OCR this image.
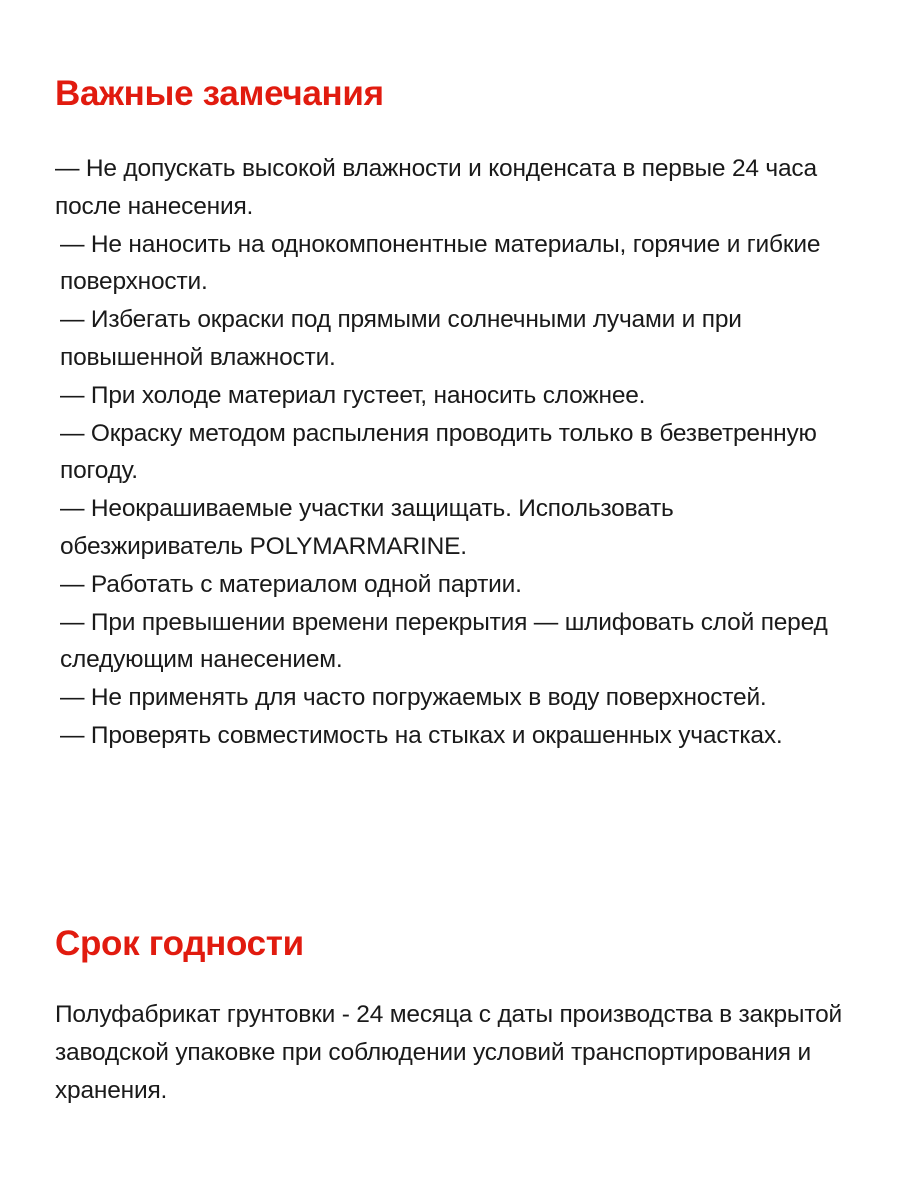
Важные замечания
— Не допускать высокой влажности и конденсата в первые 24 часа после нанесения.
— Не наносить на однокомпонентные материалы, горячие и гибкие поверхности.
— Избегать окраски под прямыми солнечными лучами и при повышенной влажности.
— При холоде материал густеет, наносить сложнее.
— Окраску методом распыления проводить только в безветренную погоду.
— Неокрашиваемые участки защищать. Использовать обезжириватель POLYMARMARINE.
— Работать с материалом одной партии.
— При превышении времени перекрытия — шлифовать слой перед следующим нанесением.
— Не применять для часто погружаемых в воду поверхностей.
— Проверять совместимость на стыках и окрашенных участках.
Срок годности

Полуфабрикат грунтовки - 24 месяца с даты производства в закрытой заводской упаковке при соблюдении условий транспортирования и хранения.
